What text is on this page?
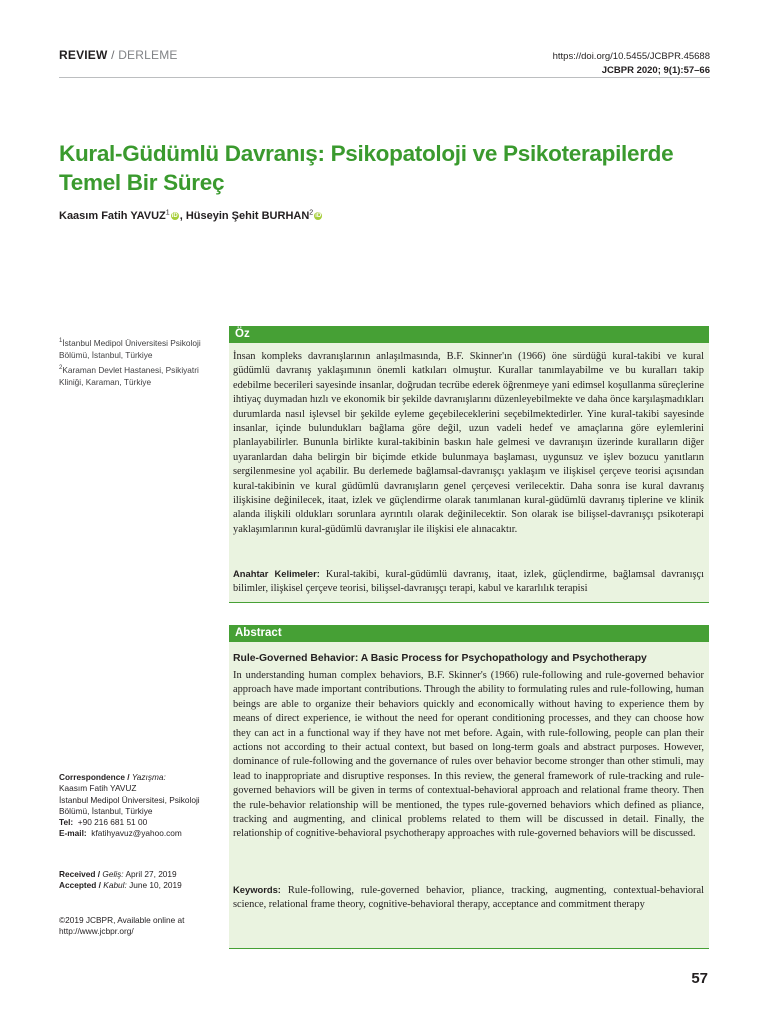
REVIEW / DERLEME	https://doi.org/10.5455/JCBPR.45688
JCBPR 2020; 9(1):57–66
Kural-Güdümlü Davranış: Psikopatoloji ve Psikoterapilerde Temel Bir Süreç
Kaasım Fatih YAVUZ$^1$ iD , Hüseyin Şehit BURHAN$^2$ iD
$^1$İstanbul Medipol Üniversitesi Psikoloji Bölümü, İstanbul, Türkiye
$^2$Karaman Devlet Hastanesi, Psikiyatri Kliniği, Karaman, Türkiye
Öz
İnsan kompleks davranışlarının anlaşılmasında, B.F. Skinner'ın (1966) öne sürdüğü kural-takibi ve kural güdümlü davranış yaklaşımının önemli katkıları olmuştur. Kurallar tanımlayabilme ve bu kuralları takip edebilme becerileri sayesinde insanlar, doğrudan tecrübe ederek öğrenmeye yani edimsel koşullanma süreçlerine ihtiyaç duymadan hızlı ve ekonomik bir şekilde davranışlarını düzenleyebilmekte ve daha önce karşılaşmadıkları durumlarda nasıl işlevsel bir şekilde eyleme geçebileceklerini seçebilmektedirler. Yine kural-takibi sayesinde insanlar, içinde bulundukları bağlama göre değil, uzun vadeli hedef ve amaçlarına göre eylemlerini planlayabilirler. Bununla birlikte kural-takibinin baskın hale gelmesi ve davranışın üzerinde kuralların diğer uyaranlardan daha belirgin bir biçimde etkide bulunmaya başlaması, uygunsuz ve işlev bozucu yanıtların sergilenmesine yol açabilir. Bu derlemede bağlamsal-davranışçı yaklaşım ve ilişkisel çerçeve teorisi açısından kural-takibinin ve kural güdümlü davranışların genel çerçevesi verilecektir. Daha sonra ise kural davranış ilişkisine değinilecek, itaat, izlek ve güçlendirme olarak tanımlanan kural-güdümlü davranış tiplerine ve klinik alanda ilişkili oldukları sorunlara ayrıntılı olarak değinilecektir. Son olarak ise bilişsel-davranışçı psikoterapi yaklaşımlarının kural-güdümlü davranışlar ile ilişkisi ele alınacaktır.
Anahtar Kelimeler: Kural-takibi, kural-güdümlü davranış, itaat, izlek, güçlendirme, bağlamsal davranışçı bilimler, ilişkisel çerçeve teorisi, bilişsel-davranışçı terapi, kabul ve kararlılık terapisi
Abstract
Rule-Governed Behavior: A Basic Process for Psychopathology and Psychotherapy
In understanding human complex behaviors, B.F. Skinner's (1966) rule-following and rule-governed behavior approach have made important contributions. Through the ability to formulating rules and rule-following, human beings are able to organize their behaviors quickly and economically without having to experience them by means of direct experience, ie without the need for operant conditioning processes, and they can choose how they can act in a functional way if they have not met before. Again, with rule-following, people can plan their actions not according to their actual context, but based on long-term goals and abstract purposes. However, dominance of rule-following and the governance of rules over behavior become stronger than other stimuli, may lead to inappropriate and disruptive responses. In this review, the general framework of rule-tracking and rule-governed behaviors will be given in terms of contextual-behavioral approach and relational frame theory. Then the rule-behavior relationship will be mentioned, the types rule-governed behaviors which defined as pliance, tracking and augmenting, and clinical problems related to them will be discussed in detail. Finally, the relationship of cognitive-behavioral psychotherapy approaches with rule-governed behaviors will be discussed.
Keywords: Rule-following, rule-governed behavior, pliance, tracking, augmenting, contextual-behavioral science, relational frame theory, cognitive-behavioral therapy, acceptance and commitment therapy
Correspondence / Yazışma:
Kaasım Fatih YAVUZ
İstanbul Medipol Üniversitesi, Psikoloji Bölümü, İstanbul, Türkiye
Tel: +90 216 681 51 00
E-mail: kfatihyavuz@yahoo.com
Received / Geliş: April 27, 2019
Accepted / Kabul: June 10, 2019
©2019 JCBPR, Available online at
http://www.jcbpr.org/
57
